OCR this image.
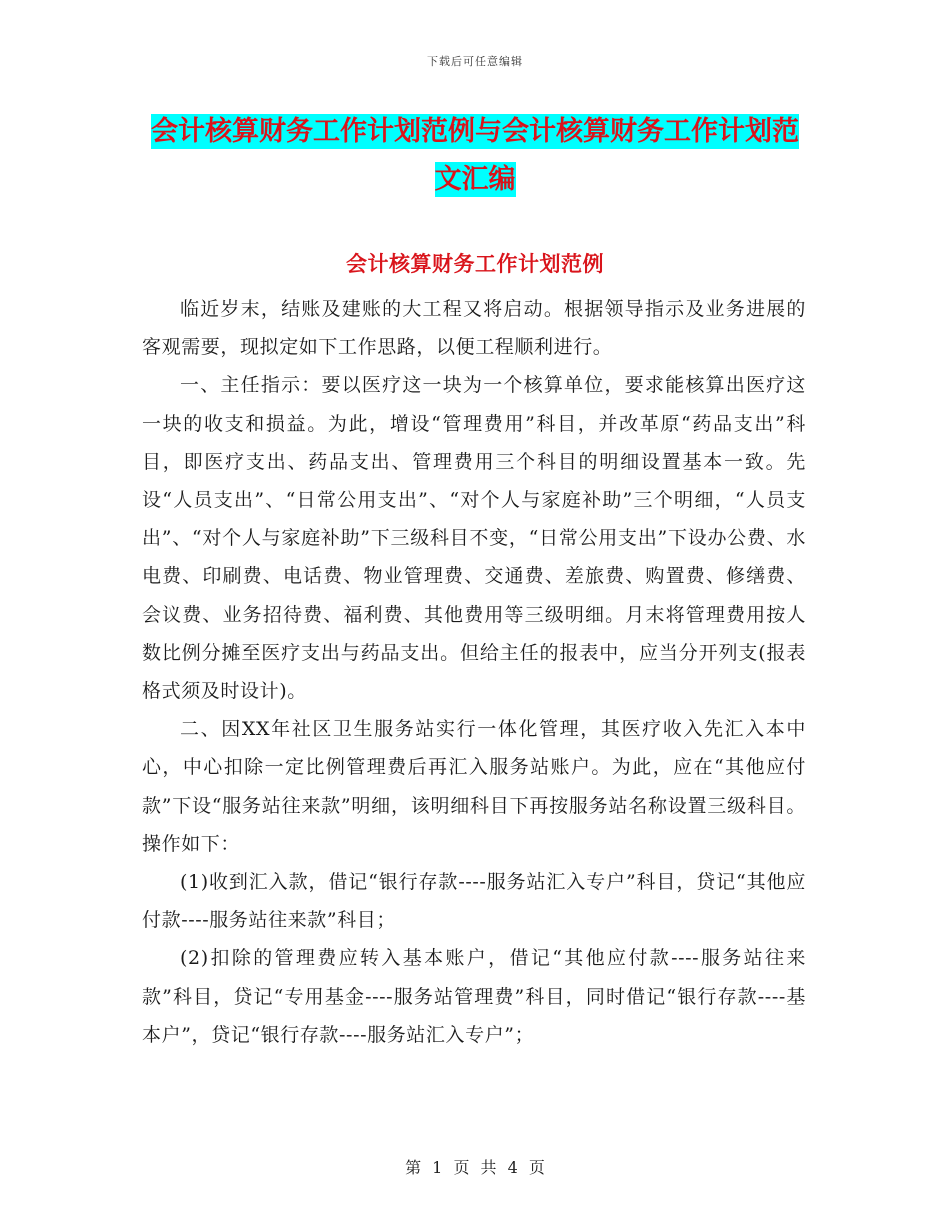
下载后可任意编辑
会计核算财务工作计划范例与会计核算财务工作计划范文汇编
会计核算财务工作计划范例

临近岁末，结账及建账的大工程又将启动。根据领导指示及业务进展的客观需要，现拟定如下工作思路，以便工程顺利进行。

一、主任指示：要以医疗这一块为一个核算单位，要求能核算出医疗这一块的收支和损益。为此，增设“管理费用”科目，并改革原“药品支出”科目，即医疗支出、药品支出、管理费用三个科目的明细设置基本一致。先设“人员支出”、“日常公用支出”、“对个人与家庭补助”三个明细，“人员支出”、“对个人与家庭补助”下三级科目不变，“日常公用支出”下设办公费、水电费、印刷费、电话费、物业管理费、交通费、差旅费、购置费、修缮费、会议费、业务招待费、福利费、其他费用等三级明细。月末将管理费用按人数比例分摊至医疗支出与药品支出。但给主任的报表中，应当分开列支(报表格式须及时设计)。

二、因XX年社区卫生服务站实行一体化管理，其医疗收入先汇入本中心，中心扣除一定比例管理费后再汇入服务站账户。为此，应在“其他应付款”下设“服务站往来款”明细，该明细科目下再按服务站名称设置三级科目。操作如下：

(1)收到汇入款，借记“银行存款----服务站汇入专户”科目，贷记“其他应付款----服务站往来款”科目；

(2)扣除的管理费应转入基本账户，借记“其他应付款----服务站往来款”科目，贷记“专用基金----服务站管理费”科目，同时借记“银行存款----基本户”，贷记“银行存款----服务站汇入专户”；

第 1 页 共 4 页
